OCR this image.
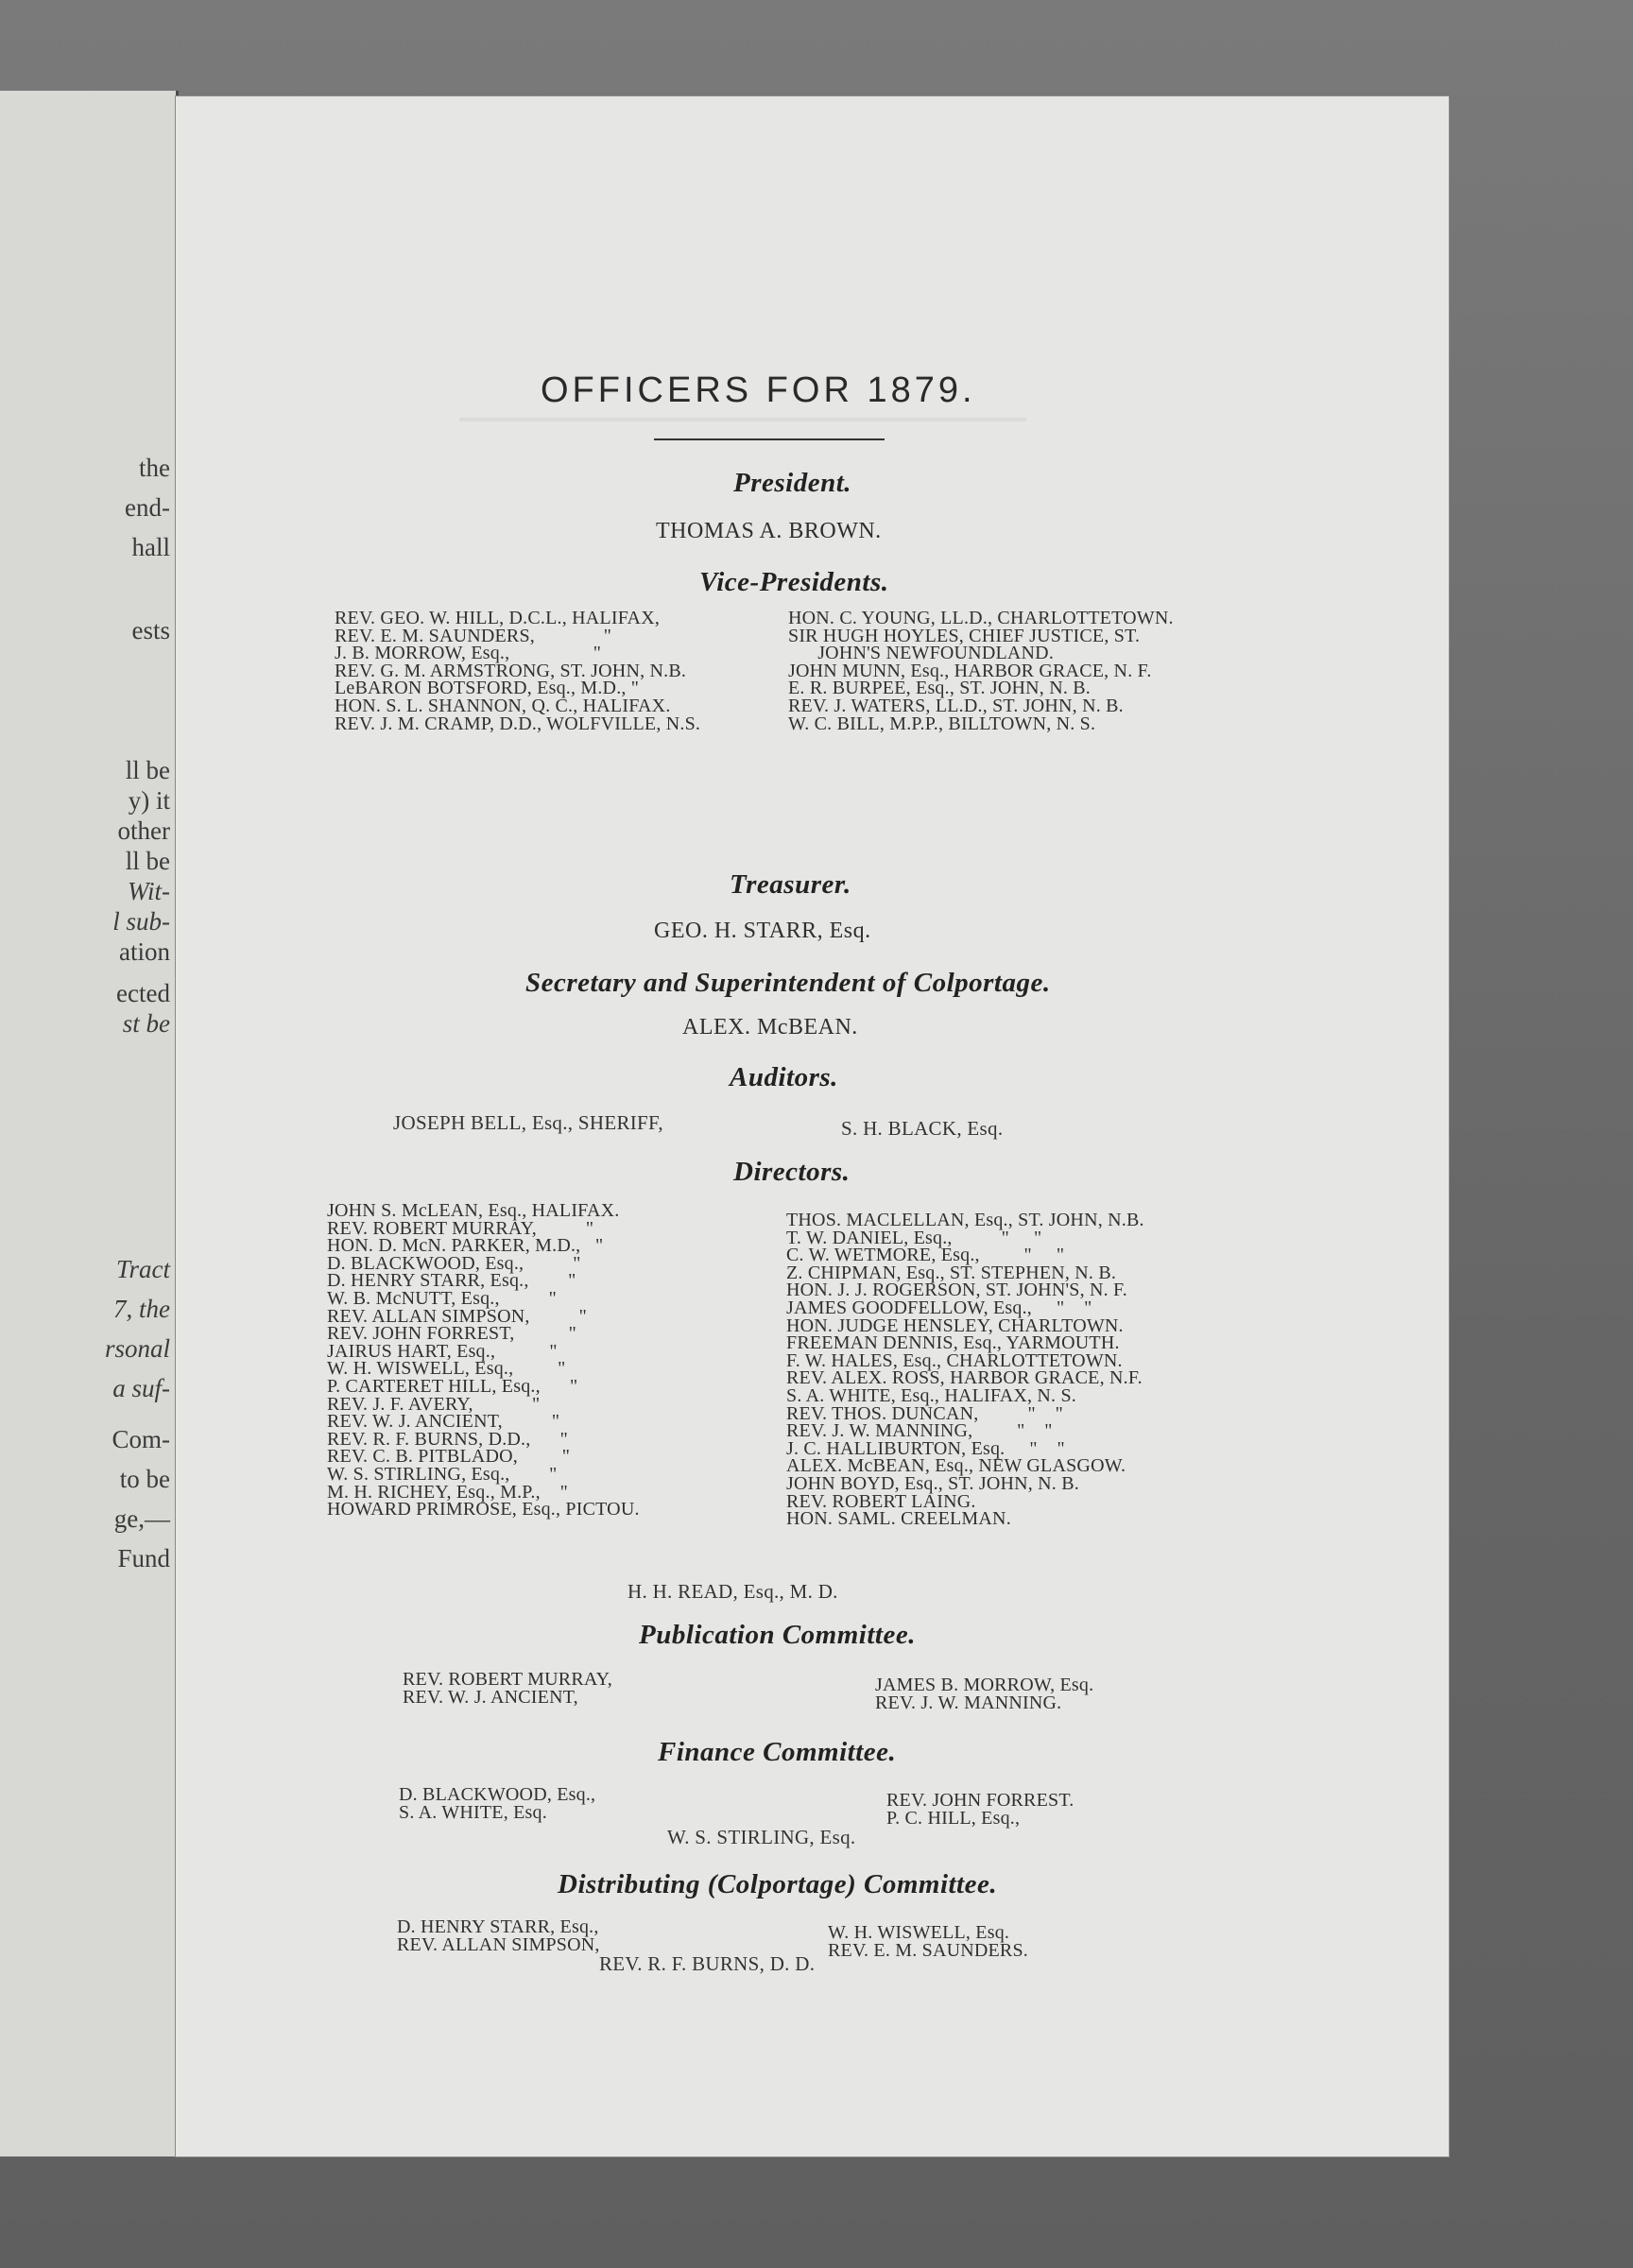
the
end-
hall
ests
ll be
y) it
other
ll be
Wit-
l sub-
ation
ected
st be
Tract
7, the
rsonal
a suf-
Com-
to be
ge,—
Fund
OFFICERS FOR 1879.
President.
THOMAS A. BROWN.
Vice-Presidents.
REV. GEO. W. HILL, D.C.L., HALIFAX,
REV. E. M. SAUNDERS,              "
J. B. MORROW, Esq.,                 "
REV. G. M. ARMSTRONG, ST. JOHN, N.B.
LeBARON BOTSFORD, Esq., M.D., "
HON. S. L. SHANNON, Q. C., HALIFAX.
REV. J. M. CRAMP, D.D., WOLFVILLE, N.S.
HON. C. YOUNG, LL.D., CHARLOTTETOWN.
SIR HUGH HOYLES, CHIEF JUSTICE, ST.
JOHN'S NEWFOUNDLAND.
JOHN MUNN, Esq., HARBOR GRACE, N. F.
E. R. BURPEE, Esq., ST. JOHN, N. B.
REV. J. WATERS, LL.D., ST. JOHN, N. B.
W. C. BILL, M.P.P., BILLTOWN, N. S.
Treasurer.
GEO. H. STARR, Esq.
Secretary and Superintendent of Colportage.
ALEX. McBEAN.
Auditors.
JOSEPH BELL, Esq., SHERIFF,	S. H. BLACK, Esq.
Directors.
JOHN S. McLEAN, Esq., HALIFAX.
REV. ROBERT MURRAY,          "
HON. D. McN. PARKER, M.D.,   "
D. BLACKWOOD, Esq.,          "
D. HENRY STARR, Esq.,        "
W. B. McNUTT, Esq.,          "
REV. ALLAN SIMPSON,          "
REV. JOHN FORREST,           "
JAIRUS HART, Esq.,           "
W. H. WISWELL, Esq.,         "
P. CARTERET HILL, Esq.,      "
REV. J. F. AVERY,            "
REV. W. J. ANCIENT,          "
REV. R. F. BURNS, D.D.,      "
REV. C. B. PITBLADO,         "
W. S. STIRLING, Esq.,        "
M. H. RICHEY, Esq., M.P.,    "
HOWARD PRIMROSE, Esq., PICTOU.
THOS. MACLELLAN, Esq., ST. JOHN, N.B.
T. W. DANIEL, Esq.,          "     "
C. W. WETMORE, Esq.,         "     "
Z. CHIPMAN, Esq., ST. STEPHEN, N. B.
HON. J. J. ROGERSON, ST. JOHN'S, N. F.
JAMES GOODFELLOW, Esq.,     "    "
HON. JUDGE HENSLEY, CHARLTOWN.
FREEMAN DENNIS, Esq., YARMOUTH.
F. W. HALES, Esq., CHARLOTTETOWN.
REV. ALEX. ROSS, HARBOR GRACE, N.F.
S. A. WHITE, Esq., HALIFAX, N. S.
REV. THOS. DUNCAN,          "    "
REV. J. W. MANNING,         "    "
J. C. HALLIBURTON, Esq.     "    "
ALEX. McBEAN, Esq., NEW GLASGOW.
JOHN BOYD, Esq., ST. JOHN, N. B.
REV. ROBERT LAING.
HON. SAML. CREELMAN.
H. H. READ, Esq., M. D.
Publication Committee.
REV. ROBERT MURRAY,
REV. W. J. ANCIENT,
JAMES B. MORROW, Esq.
REV. J. W. MANNING.
Finance Committee.
D. BLACKWOOD, Esq.,
S. A. WHITE, Esq.
REV. JOHN FORREST.
P. C. HILL, Esq.,
W. S. STIRLING, Esq.
Distributing (Colportage) Committee.
D. HENRY STARR, Esq.,
REV. ALLAN SIMPSON,
W. H. WISWELL, Esq.
REV. E. M. SAUNDERS.
REV. R. F. BURNS, D. D.
